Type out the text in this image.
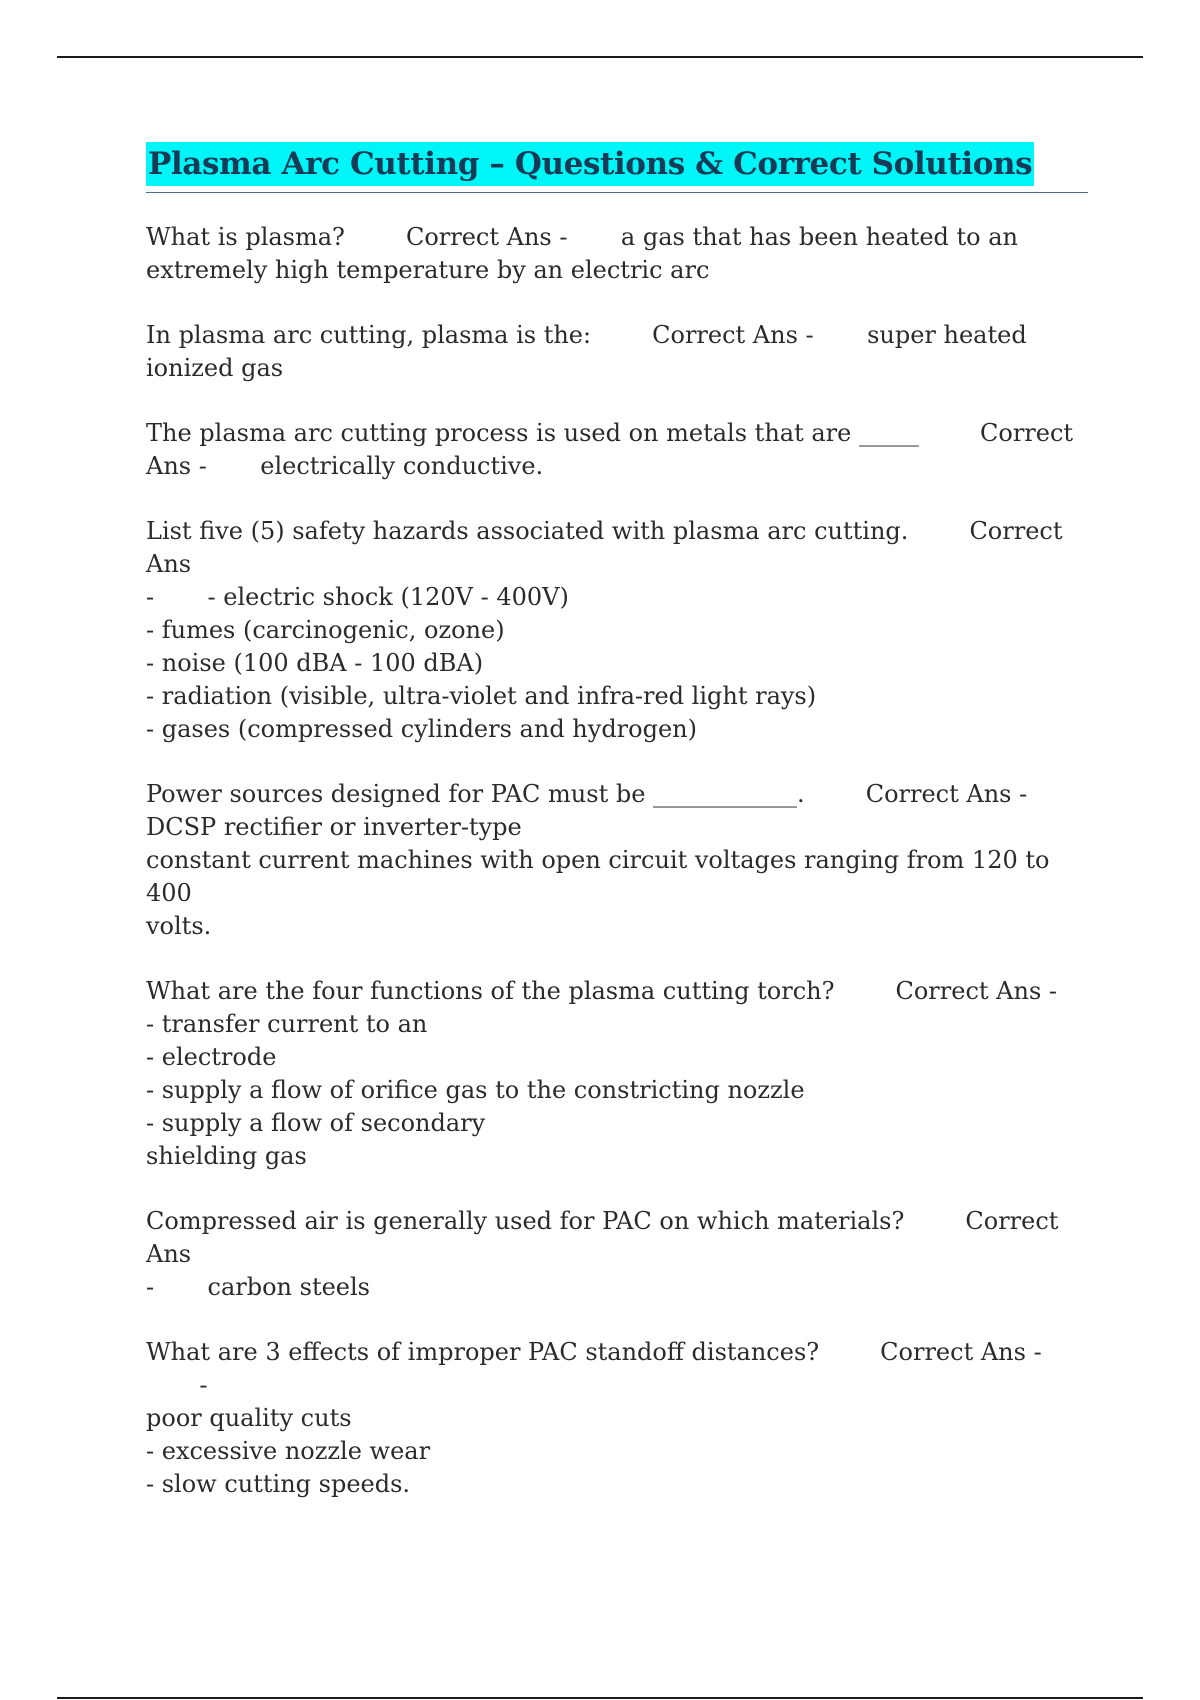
Plasma Arc Cutting – Questions & Correct Solutions
What is plasma?	Correct Ans - a gas that has been heated to an
extremely high temperature by an electric arc
In plasma arc cutting, plasma is the:	Correct Ans - super heated
ionized gas
The plasma arc cutting process is used on metals that are _____	Correct
Ans - electrically conductive.
List five (5) safety hazards associated with plasma arc cutting.	Correct Ans
- - electric shock (120V - 400V)
- fumes (carcinogenic, ozone)
- noise (100 dBA - 100 dBA)
- radiation (visible, ultra-violet and infra-red light rays)
- gases (compressed cylinders and hydrogen)
Power sources designed for PAC must be ____________.	Correct Ans -
DCSP rectifier or inverter-type
constant current machines with open circuit voltages ranging from 120 to 400
volts.
What are the four functions of the plasma cutting torch?	Correct Ans -
- transfer current to an
- electrode
- supply a flow of orifice gas to the constricting nozzle
- supply a flow of secondary
shielding gas
Compressed air is generally used for PAC on which materials?	Correct Ans
- carbon steels
What are 3 effects of improper PAC standoff distances?	Correct Ans -       -
poor quality cuts
- excessive nozzle wear
- slow cutting speeds.
